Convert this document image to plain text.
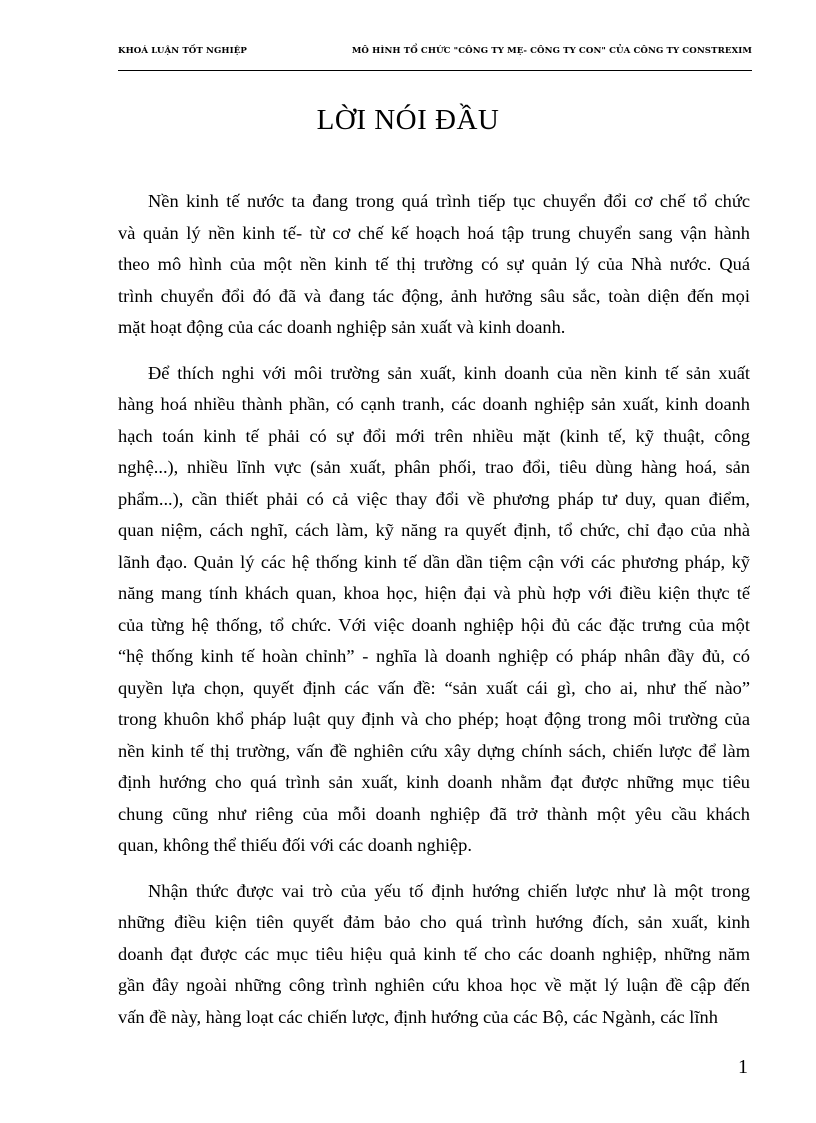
KHOÁ LUẬN TỐT NGHIỆP	MÔ HÌNH TỔ CHỨC "CÔNG TY MẸ- CÔNG TY CON" CỦA CÔNG TY CONSTREXIM
LỜI NÓI ĐẦU
Nền kinh tế nước ta đang trong quá trình tiếp tục chuyển đổi cơ chế tổ chức
và quản lý nền kinh tế- từ cơ chế kế hoạch hoá tập trung chuyển sang vận hành
theo mô hình của một nền kinh tế thị trường có sự quản lý của Nhà nước. Quá
trình chuyển đổi đó đã và đang tác động, ảnh hưởng sâu sắc, toàn diện đến mọi
mặt hoạt động của các doanh nghiệp sản xuất và kinh doanh.
Để thích nghi với môi trường sản xuất, kinh doanh của nền kinh tế sản xuất
hàng hoá nhiều thành phần, có cạnh tranh, các doanh nghiệp sản xuất, kinh doanh
hạch toán kinh tế phải có sự đổi mới trên nhiều mặt (kinh tế, kỹ thuật, công
nghệ...), nhiều lĩnh vực (sản xuất, phân phối, trao đổi, tiêu dùng hàng hoá, sản
phẩm...), cần thiết phải có cả việc thay đổi về phương pháp tư duy, quan điểm,
quan niệm, cách nghĩ, cách làm, kỹ năng ra quyết định, tổ chức, chỉ đạo của nhà
lãnh đạo. Quản lý các hệ thống kinh tế dần dần tiệm cận với các phương pháp, kỹ
năng mang tính khách quan, khoa học, hiện đại và phù hợp với điều kiện thực tế
của từng hệ thống, tổ chức. Với việc doanh nghiệp hội đủ các đặc trưng của một
“hệ thống kinh tế hoàn chỉnh” - nghĩa là doanh nghiệp có pháp nhân đầy đủ, có
quyền lựa chọn, quyết định các vấn đề: “sản xuất cái gì, cho ai, như thế nào”
trong khuôn khổ pháp luật quy định và cho phép; hoạt động trong môi trường của
nền kinh tế thị trường, vấn đề nghiên cứu xây dựng chính sách, chiến lược để làm
định hướng cho quá trình sản xuất, kinh doanh nhằm đạt được những mục tiêu
chung cũng như riêng của mỗi doanh nghiệp đã trở thành một yêu cầu khách
quan, không thể thiếu đối với các doanh nghiệp.
Nhận thức được vai trò của yếu tố định hướng chiến lược như là một trong
những điều kiện tiên quyết đảm bảo cho quá trình hướng đích, sản xuất, kinh
doanh đạt được các mục tiêu hiệu quả kinh tế cho các doanh nghiệp, những năm
gần đây ngoài những công trình nghiên cứu khoa học về mặt lý luận đề cập đến
vấn đề này, hàng loạt các chiến lược, định hướng của các Bộ, các Ngành, các lĩnh
1
